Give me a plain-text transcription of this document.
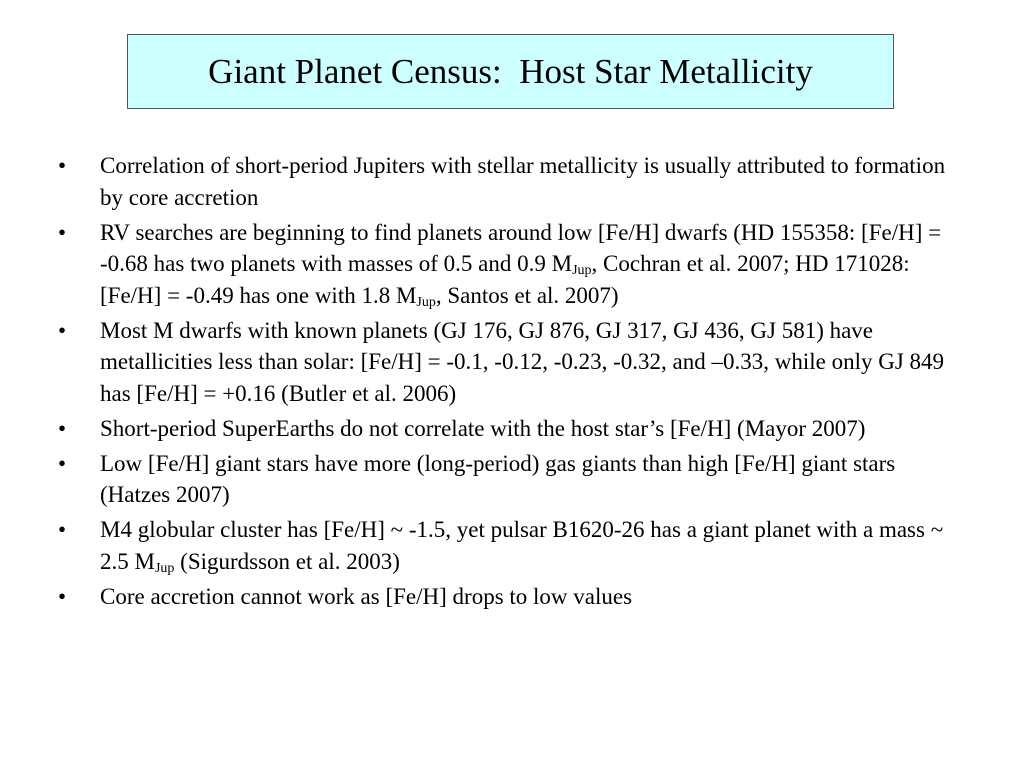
Giant Planet Census:  Host Star Metallicity
•	Correlation of short-period Jupiters with stellar metallicity is usually attributed to formation by core accretion
•	RV searches are beginning to find planets around low [Fe/H] dwarfs (HD 155358: [Fe/H] = -0.68 has two planets with masses of 0.5 and 0.9 $M_{Jup}$, Cochran et al. 2007; HD 171028: [Fe/H] = -0.49 has one with 1.8 $M_{Jup}$, Santos et al. 2007)
•	Most M dwarfs with known planets (GJ 176, GJ 876, GJ 317, GJ 436, GJ 581) have metallicities less than solar: [Fe/H] = -0.1, -0.12, -0.23, -0.32, and –0.33, while only GJ 849 has [Fe/H] = +0.16 (Butler et al. 2006)
•	Short-period SuperEarths do not correlate with the host star’s [Fe/H] (Mayor 2007)
•	Low [Fe/H] giant stars have more (long-period) gas giants than high [Fe/H] giant stars (Hatzes 2007)
•	M4 globular cluster has [Fe/H] ~ -1.5, yet pulsar B1620-26 has a giant planet with a mass ~ 2.5 $M_{Jup}$ (Sigurdsson et al. 2003)
•	Core accretion cannot work as [Fe/H] drops to low values
